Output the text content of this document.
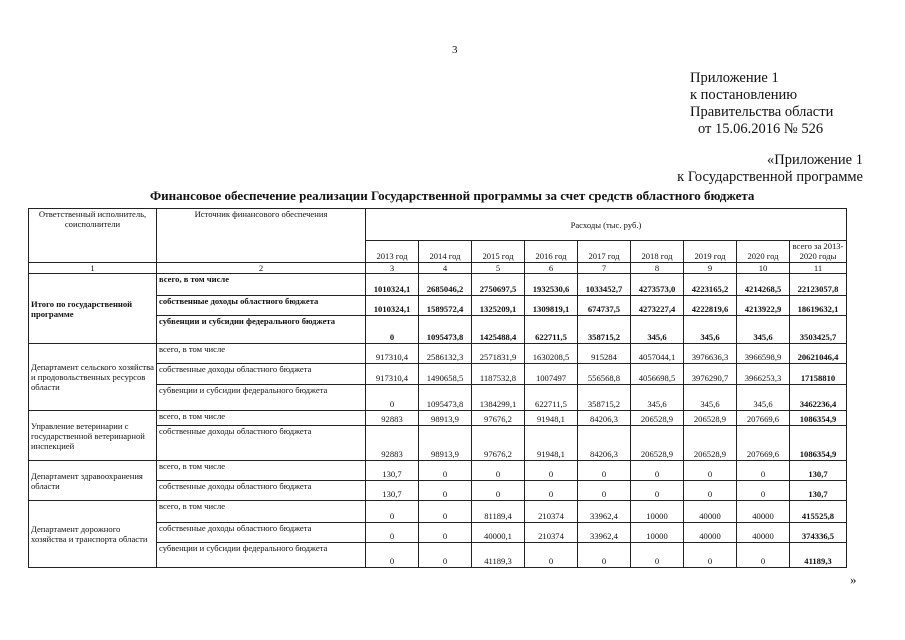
3
Приложение 1
к постановлению
Правительства области
от 15.06.2016 № 526
«Приложение 1
к Государственной программе
Финансовое обеспечение реализации Государственной программы за счет средств областного бюджета
Ответственный исполнитель, соисполнители	Источник финансового обеспечения	Расходы (тыс. руб.)								
		2013 год	2014 год	2015 год	2016 год	2017 год	2018 год	2019 год	2020 год	всего за 2013-2020 годы
1	2	3	4	5	6	7	8	9	10	11
Итого по государственной программе	всего, в том числе	1010324,1	2685046,2	2750697,5	1932530,6	1033452,7	4273573,0	4223165,2	4214268,5	22123057,8
	собственные доходы областного бюджета	1010324,1	1589572,4	1325209,1	1309819,1	674737,5	4273227,4	4222819,6	4213922,9	18619632,1
	субвенции и субсидии федерального бюджета	0	1095473,8	1425488,4	622711,5	358715,2	345,6	345,6	345,6	3503425,7
Департамент сельского хозяйства и продовольственных ресурсов области	всего, в том числе	917310,4	2586132,3	2571831,9	1630208,5	915284	4057044,1	3976636,3	3966598,9	20621046,4
	собственные доходы областного бюджета	917310,4	1490658,5	1187532,8	1007497	556568,8	4056698,5	3976290,7	3966253,3	17158810
	субвенции и субсидии федерального бюджета	0	1095473,8	1384299,1	622711,5	358715,2	345,6	345,6	345,6	3462236,4
Управление ветеринарии с государственной ветеринарной инспекцией	всего, в том числе	92883	98913,9	97676,2	91948,1	84206,3	206528,9	206528,9	207669,6	1086354,9
	собственные доходы областного бюджета	92883	98913,9	97676,2	91948,1	84206,3	206528,9	206528,9	207669,6	1086354,9
Департамент здравоохранения области	всего, в том числе	130,7	0	0	0	0	0	0	0	130,7
	собственные доходы областного бюджета	130,7	0	0	0	0	0	0	0	130,7
Департамент дорожного хозяйства и транспорта области	всего, в том числе	0	0	81189,4	210374	33962,4	10000	40000	40000	415525,8
	собственные доходы областного бюджета	0	0	40000,1	210374	33962,4	10000	40000	40000	374336,5
	субвенции и субсидии федерального бюджета	0	0	41189,3	0	0	0	0	0	41189,3
»
